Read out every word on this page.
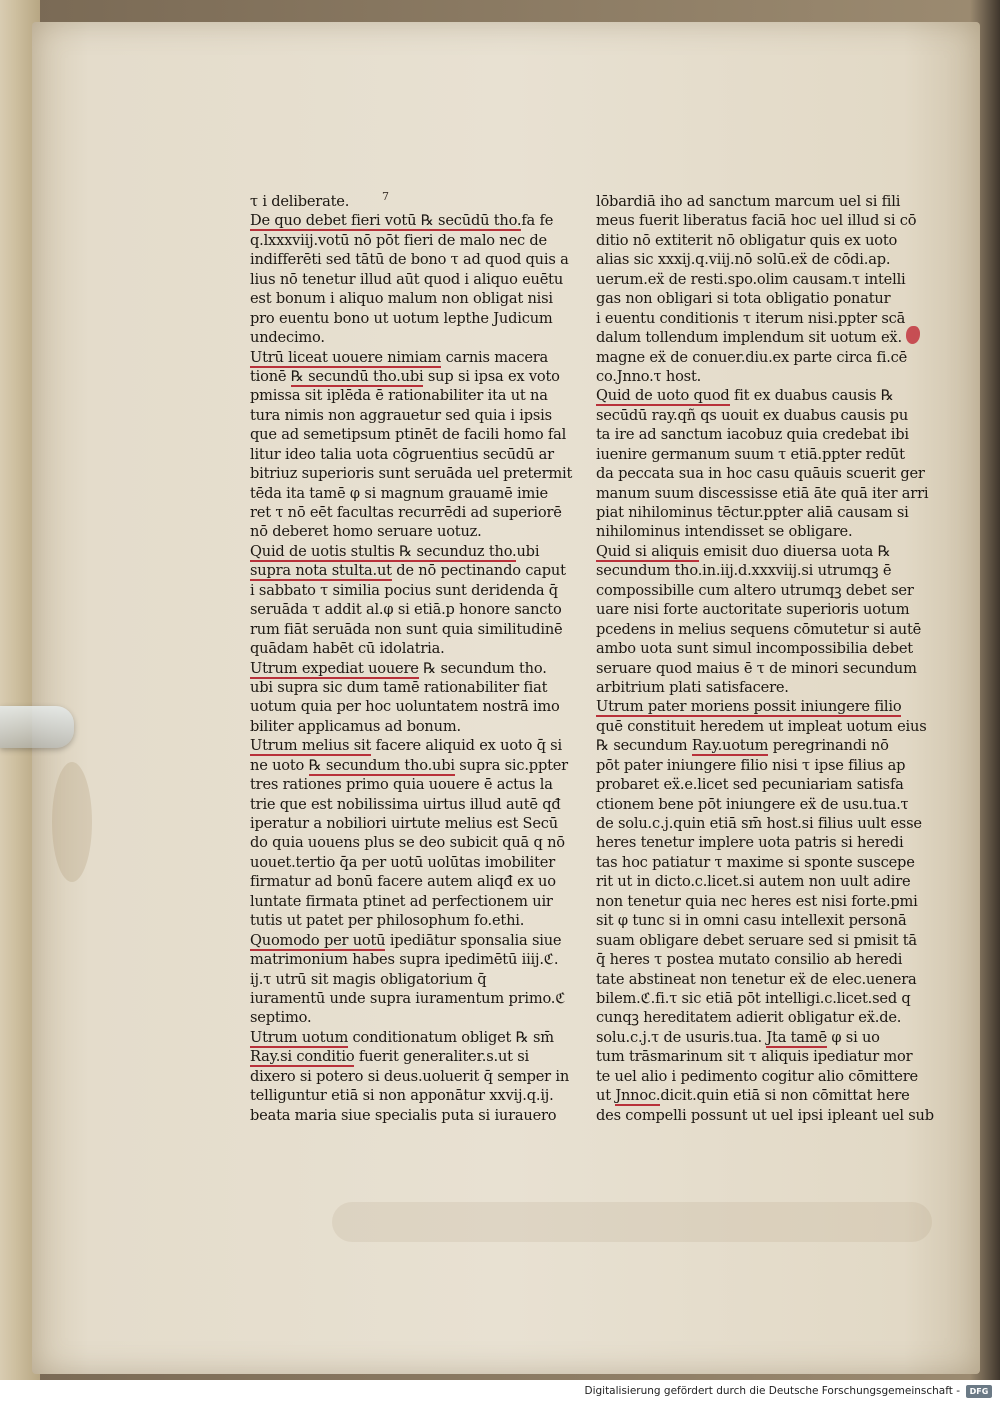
7
τ i deliberate.
De quo debet fieri votū ℞ secūdū tho.fa fe
q.lxxxviij.votū nō pōt fieri de malo nec de
indifferēti sed tātū de bono τ ad quod quis a
lius nō tenetur illud aūt quod i aliquo euētu
est bonum i aliquo malum non obligat nisi
pro euentu bono ut uotum lepthe Judicum
undecimo.
Utrū liceat uouere nimiam carnis macera
tionē ℞ secundū tho.ubi sup si ipsa ex voto
pmissa sit iplēda ē rationabiliter ita ut na
tura nimis non aggrauetur sed quia i ipsis
que ad semetipsum ptinēt de facili homo fal
litur ideo talia uota cōgruentius secūdū ar
bitriuz superioris sunt seruāda uel pretermit
tēda ita tamē φ si magnum grauamē imie
ret τ nō eēt facultas recurrēdi ad superiorē
nō deberet homo seruare uotuz.
Quid de uotis stultis ℞ secunduz tho.ubi
supra nota stulta.ut de nō pectinando caput
i sabbato τ similia pocius sunt deridenda q̄
seruāda τ addit al.φ si etiā.p honore sancto
rum fiāt seruāda non sunt quia similitudinē
quādam habēt cū idolatria.
Utrum expediat uouere ℞ secundum tho.
ubi supra sic dum tamē rationabiliter fiat
uotum quia per hoc uoluntatem nostrā imo
biliter applicamus ad bonum.
Utrum melius sit facere aliquid ex uoto q̄ si
ne uoto ℞ secundum tho.ubi supra sic.ppter
tres rationes primo quia uouere ē actus la
trie que est nobilissima uirtus illud autē qđ
iperatur a nobiliori uirtute melius est Secū
do quia uouens plus se deo subicit quā q nō
uouet.tertio q̄a per uotū uolūtas imobiliter
firmatur ad bonū facere autem aliqđ ex uo
luntate firmata ptinet ad perfectionem uir
tutis ut patet per philosophum fo.ethi.
Quomodo per uotū ipediātur sponsalia siue
matrimonium habes supra ipedimētū iiij.ℭ.
ij.τ utrū sit magis obligatorium q̄
iuramentū unde supra iuramentum primo.ℭ
septimo.
Utrum uotum conditionatum obliget ℞ sm̄
Ray.si conditio fuerit generaliter.s.ut si
dixero si potero si deus.uoluerit q̄ semper in
telliguntur etiā si non apponātur xxvij.q.ij.
beata maria siue specialis puta si iurauero
lōbardiā iho ad sanctum marcum uel si fili
meus fuerit liberatus faciā hoc uel illud si cō
ditio nō extiterit nō obligatur quis ex uoto
alias sic xxxij.q.viij.nō solū.eẍ de cōdi.ap.
uerum.eẍ de resti.spo.olim causam.τ intelli
gas non obligari si tota obligatio ponatur
i euentu conditionis τ iterum nisi.ppter scā
dalum tollendum implendum sit uotum eẍ.
magne eẍ de conuer.diu.ex parte circa fi.cē
co.Jnno.τ host.
Quid de uoto quod fit ex duabus causis ℞
secūdū ray.qñ qs uouit ex duabus causis pu
ta ire ad sanctum iacobuz quia credebat ibi
iuenire germanum suum τ etiā.ppter redūt
da peccata sua in hoc casu quāuis scuerit ger
manum suum discessisse etiā āte quā iter arri
piat nihilominus tēctur.ppter aliā causam si
nihilominus intendisset se obligare.
Quid si aliquis emisit duo diuersa uota ℞
secundum tho.in.iij.d.xxxviij.si utrumqꝫ ē
compossibille cum altero utrumqꝫ debet ser
uare nisi forte auctoritate superioris uotum
pcedens in melius sequens cōmutetur si autē
ambo uota sunt simul incompossibilia debet
seruare quod maius ē τ de minori secundum
arbitrium plati satisfacere.
Utrum pater moriens possit iniungere filio
quē constituit heredem ut impleat uotum eius
℞ secundum Ray.uotum peregrinandi nō
pōt pater iniungere filio nisi τ ipse filius ap
probaret eẍ.e.licet sed pecuniariam satisfa
ctionem bene pōt iniungere eẍ de usu.tua.τ
de solu.c.j.quin etiā sm̄ host.si filius uult esse
heres tenetur implere uota patris si heredi
tas hoc patiatur τ maxime si sponte suscepe
rit ut in dicto.c.licet.si autem non uult adire
non tenetur quia nec heres est nisi forte.pmi
sit φ tunc si in omni casu intellexit personā
suam obligare debet seruare sed si pmisit tā
q̄ heres τ postea mutato consilio ab heredi
tate abstineat non tenetur eẍ de elec.uenera
bilem.ℭ.fi.τ sic etiā pōt intelligi.c.licet.sed q
cunqꝫ hereditatem adierit obligatur eẍ.de.
solu.c.j.τ de usuris.tua. Jta tamē φ si uo
tum trāsmarinum sit τ aliquis ipediatur mor
te uel alio i pedimento cogitur alio cōmittere
ut Jnnoc.dicit.quin etiā si non cōmittat here
des compelli possunt ut uel ipsi ipleant uel sub
Digitalisierung gefördert durch die Deutsche Forschungsgemeinschaft -	DFG
